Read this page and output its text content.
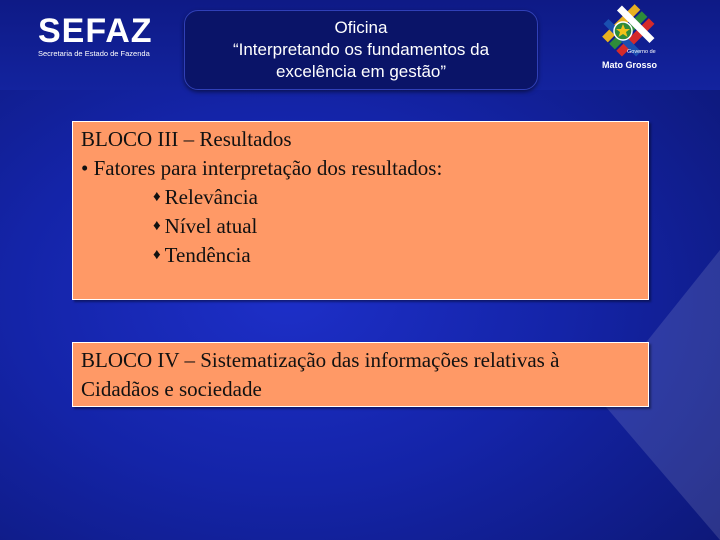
SEFAZ
Secretaria de Estado de Fazenda
Oficina
“Interpretando os fundamentos da
excelência em gestão”
Governo de
Mato Grosso
BLOCO III – Resultados
• Fatores para interpretação dos resultados:
♦ Relevância
♦ Nível atual
♦ Tendência
BLOCO IV – Sistematização das informações relativas à
Cidadãos e sociedade
